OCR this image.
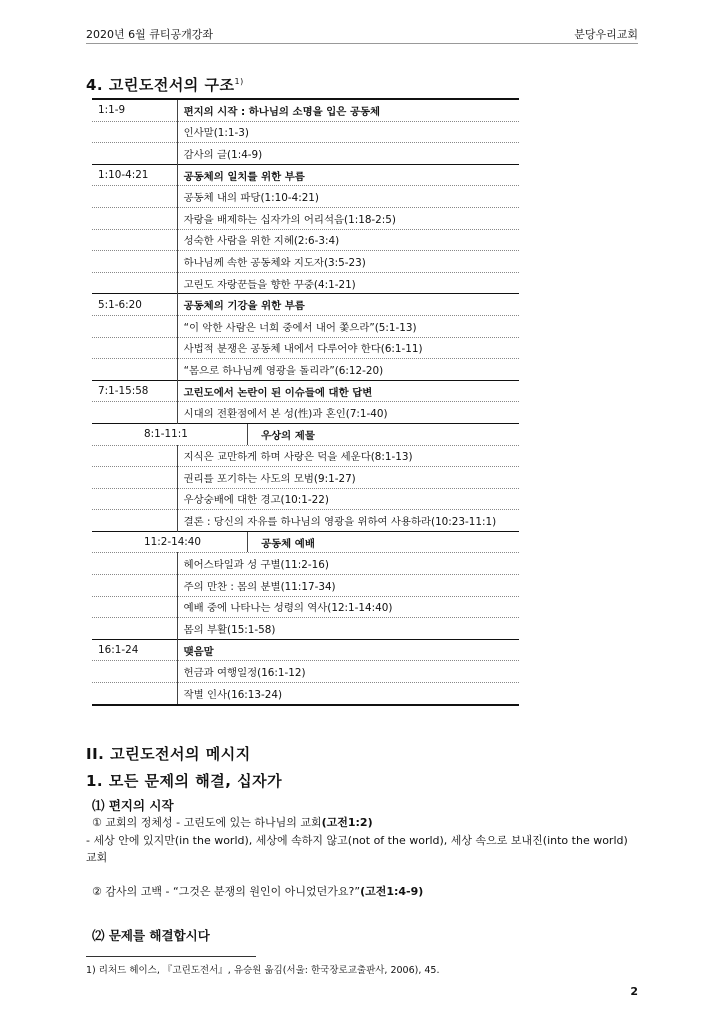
2020년 6월 큐티공개강좌	분당우리교회
4. 고린도전서의 구조$^{1)}$
1:1-9	편지의 시작 : 하나님의 소명을 입은 공동체
	인사말(1:1-3)
	감사의 글(1:4-9)
1:10-4:21	공동체의 일치를 위한 부름
	공동체 내의 파당(1:10-4:21)
	자랑을 배제하는 십자가의 어리석음(1:18-2:5)
	성숙한 사람을 위한 지혜(2:6-3:4)
	하나님께 속한 공동체와 지도자(3:5-23)
	고린도 자랑꾼들을 향한 꾸중(4:1-21)
5:1-6:20	공동체의 기강을 위한 부름
	“이 악한 사람은 너희 중에서 내어 쫓으라”(5:1-13)
	사법적 분쟁은 공동체 내에서 다루어야 한다(6:1-11)
	“몸으로 하나님께 영광을 돌리라”(6:12-20)
7:1-15:58	고린도에서 논란이 된 이슈들에 대한 답변
	시대의 전환점에서 본 성(性)과 혼인(7:1-40)
8:1-11:1	우상의 제물

	지식은 교만하게 하며 사랑은 덕을 세운다(8:1-13)
	권리를 포기하는 사도의 모범(9:1-27)
	우상숭배에 대한 경고(10:1-22)
	결론 : 당신의 자유를 하나님의 영광을 위하여 사용하라(10:23-11:1)
11:2-14:40	공동체 예배

	헤어스타일과 성 구별(11:2-16)
	주의 만찬 : 몸의 분별(11:17-34)
	예배 중에 나타나는 성령의 역사(12:1-14:40)
	몸의 부활(15:1-58)
16:1-24	맺음말
	헌금과 여행일정(16:1-12)
	작별 인사(16:13-24)
II. 고린도전서의 메시지
1. 모든 문제의 해결, 십자가
⑴ 편지의 시작
① 교회의 정체성 - 고린도에 있는 하나님의 교회(고전1:2)
- 세상 안에 있지만(in the world), 세상에 속하지 않고(not of the world), 세상 속으로 보내진(into the world) 교회
② 감사의 고백 - “그것은 분쟁의 원인이 아니었던가요?”(고전1:4-9)
⑵ 문제를 해결합시다
1) 리처드 헤이스, 『고린도전서』, 유승원 옮김(서울: 한국장로교출판사, 2006), 45.
2
